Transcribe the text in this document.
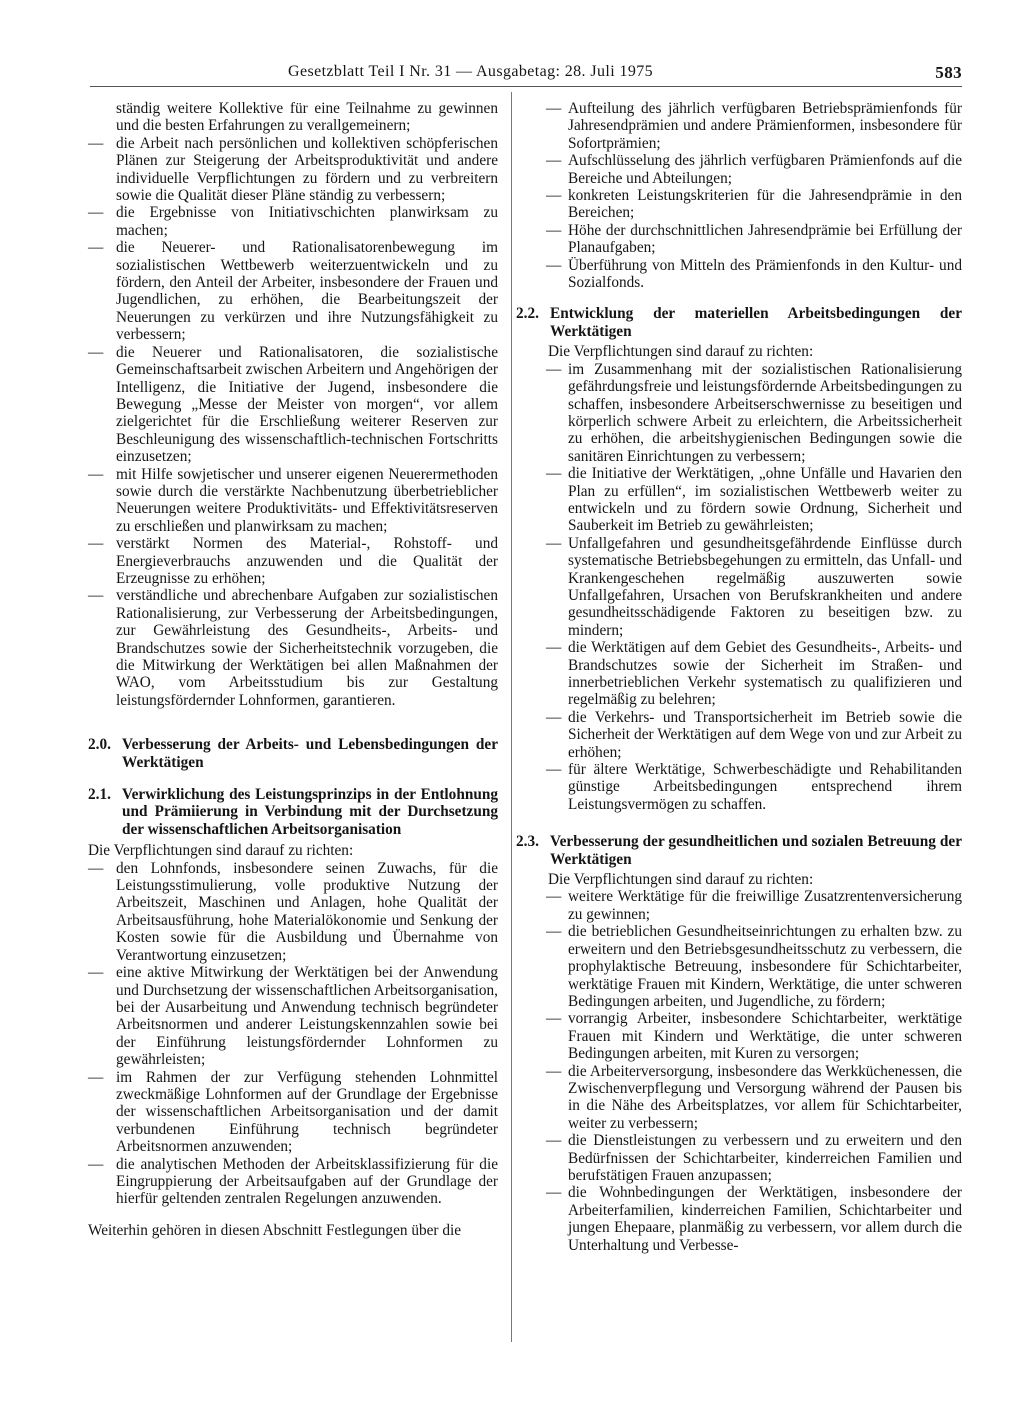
Gesetzblatt Teil I Nr. 31 — Ausgabetag: 28. Juli 1975	583

ständig weitere Kollektive für eine Teilnahme zu gewinnen und die besten Erfahrungen zu verallgemeinern;

— die Arbeit nach persönlichen und kollektiven schöpferischen Plänen zur Steigerung der Arbeitsproduktivität und andere individuelle Verpflichtungen zu fördern und zu verbreitern sowie die Qualität dieser Pläne ständig zu verbessern;
— die Ergebnisse von Initiativschichten planwirksam zu machen;
— die Neuerer- und Rationalisatorenbewegung im sozialistischen Wettbewerb weiterzuentwickeln und zu fördern, den Anteil der Arbeiter, insbesondere der Frauen und Jugendlichen, zu erhöhen, die Bearbeitungszeit der Neuerungen zu verkürzen und ihre Nutzungsfähigkeit zu verbessern;
— die Neuerer und Rationalisatoren, die sozialistische Gemeinschaftsarbeit zwischen Arbeitern und Angehörigen der Intelligenz, die Initiative der Jugend, insbesondere die Bewegung „Messe der Meister von morgen“, vor allem zielgerichtet für die Erschließung weiterer Reserven zur Beschleunigung des wissenschaftlich-technischen Fortschritts einzusetzen;
— mit Hilfe sowjetischer und unserer eigenen Neuerermethoden sowie durch die verstärkte Nachbenutzung überbetrieblicher Neuerungen weitere Produktivitäts- und Effektivitätsreserven zu erschließen und planwirksam zu machen;
— verstärkt Normen des Material-, Rohstoff- und Energieverbrauchs anzuwenden und die Qualität der Erzeugnisse zu erhöhen;
— verständliche und abrechenbare Aufgaben zur sozialistischen Rationalisierung, zur Verbesserung der Arbeitsbedingungen, zur Gewährleistung des Gesundheits-, Arbeits- und Brandschutzes sowie der Sicherheitstechnik vorzugeben, die die Mitwirkung der Werktätigen bei allen Maßnahmen der WAO, vom Arbeitsstudium bis zur Gestaltung leistungsfördernder Lohnformen, garantieren.
2.0. Verbesserung der Arbeits- und Lebensbedingungen der Werktätigen
2.1. Verwirklichung des Leistungsprinzips in der Entlohnung und Prämiierung in Verbindung mit der Durchsetzung der wissenschaftlichen Arbeitsorganisation

Die Verpflichtungen sind darauf zu richten:

— den Lohnfonds, insbesondere seinen Zuwachs, für die Leistungsstimulierung, volle produktive Nutzung der Arbeitszeit, Maschinen und Anlagen, hohe Qualität der Arbeitsausführung, hohe Materialökonomie und Senkung der Kosten sowie für die Ausbildung und Übernahme von Verantwortung einzusetzen;
— eine aktive Mitwirkung der Werktätigen bei der Anwendung und Durchsetzung der wissenschaftlichen Arbeitsorganisation, bei der Ausarbeitung und Anwendung technisch begründeter Arbeitsnormen und anderer Leistungskennzahlen sowie bei der Einführung leistungsfördernder Lohnformen zu gewährleisten;
— im Rahmen der zur Verfügung stehenden Lohnmittel zweckmäßige Lohnformen auf der Grundlage der Ergebnisse der wissenschaftlichen Arbeitsorganisation und der damit verbundenen Einführung technisch begründeter Arbeitsnormen anzuwenden;
— die analytischen Methoden der Arbeitsklassifizierung für die Eingruppierung der Arbeitsaufgaben auf der Grundlage der hierfür geltenden zentralen Regelungen anzuwenden.

Weiterhin gehören in diesen Abschnitt Festlegungen über die

— Aufteilung des jährlich verfügbaren Betriebsprämienfonds für Jahresendprämien und andere Prämienformen, insbesondere für Sofortprämien;
— Aufschlüsselung des jährlich verfügbaren Prämienfonds auf die Bereiche und Abteilungen;
— konkreten Leistungskriterien für die Jahresendprämie in den Bereichen;
— Höhe der durchschnittlichen Jahresendprämie bei Erfüllung der Planaufgaben;
— Überführung von Mitteln des Prämienfonds in den Kultur- und Sozialfonds.
2.2. Entwicklung der materiellen Arbeitsbedingungen der Werktätigen

Die Verpflichtungen sind darauf zu richten:

— im Zusammenhang mit der sozialistischen Rationalisierung gefährdungsfreie und leistungsfördernde Arbeitsbedingungen zu schaffen, insbesondere Arbeitserschwernisse zu beseitigen und körperlich schwere Arbeit zu erleichtern, die Arbeitssicherheit zu erhöhen, die arbeitshygienischen Bedingungen sowie die sanitären Einrichtungen zu verbessern;
— die Initiative der Werktätigen, „ohne Unfälle und Havarien den Plan zu erfüllen“, im sozialistischen Wettbewerb weiter zu entwickeln und zu fördern sowie Ordnung, Sicherheit und Sauberkeit im Betrieb zu gewährleisten;
— Unfallgefahren und gesundheitsgefährdende Einflüsse durch systematische Betriebsbegehungen zu ermitteln, das Unfall- und Krankengeschehen regelmäßig auszuwerten sowie Unfallgefahren, Ursachen von Berufskrankheiten und andere gesundheitsschädigende Faktoren zu beseitigen bzw. zu mindern;
— die Werktätigen auf dem Gebiet des Gesundheits-, Arbeits- und Brandschutzes sowie der Sicherheit im Straßen- und innerbetrieblichen Verkehr systematisch zu qualifizieren und regelmäßig zu belehren;
— die Verkehrs- und Transportsicherheit im Betrieb sowie die Sicherheit der Werktätigen auf dem Wege von und zur Arbeit zu erhöhen;
— für ältere Werktätige, Schwerbeschädigte und Rehabilitanden günstige Arbeitsbedingungen entsprechend ihrem Leistungsvermögen zu schaffen.
2.3. Verbesserung der gesundheitlichen und sozialen Betreuung der Werktätigen

Die Verpflichtungen sind darauf zu richten:

— weitere Werktätige für die freiwillige Zusatzrentenversicherung zu gewinnen;
— die betrieblichen Gesundheitseinrichtungen zu erhalten bzw. zu erweitern und den Betriebsgesundheitsschutz zu verbessern, die prophylaktische Betreuung, insbesondere für Schichtarbeiter, werktätige Frauen mit Kindern, Werktätige, die unter schweren Bedingungen arbeiten, und Jugendliche, zu fördern;
— vorrangig Arbeiter, insbesondere Schichtarbeiter, werktätige Frauen mit Kindern und Werktätige, die unter schweren Bedingungen arbeiten, mit Kuren zu versorgen;
— die Arbeiterversorgung, insbesondere das Werkküchenessen, die Zwischenverpflegung und Versorgung während der Pausen bis in die Nähe des Arbeitsplatzes, vor allem für Schichtarbeiter, weiter zu verbessern;
— die Dienstleistungen zu verbessern und zu erweitern und den Bedürfnissen der Schichtarbeiter, kinderreichen Familien und berufstätigen Frauen anzupassen;
— die Wohnbedingungen der Werktätigen, insbesondere der Arbeiterfamilien, kinderreichen Familien, Schichtarbeiter und jungen Ehepaare, planmäßig zu verbessern, vor allem durch die Unterhaltung und Verbesse-
